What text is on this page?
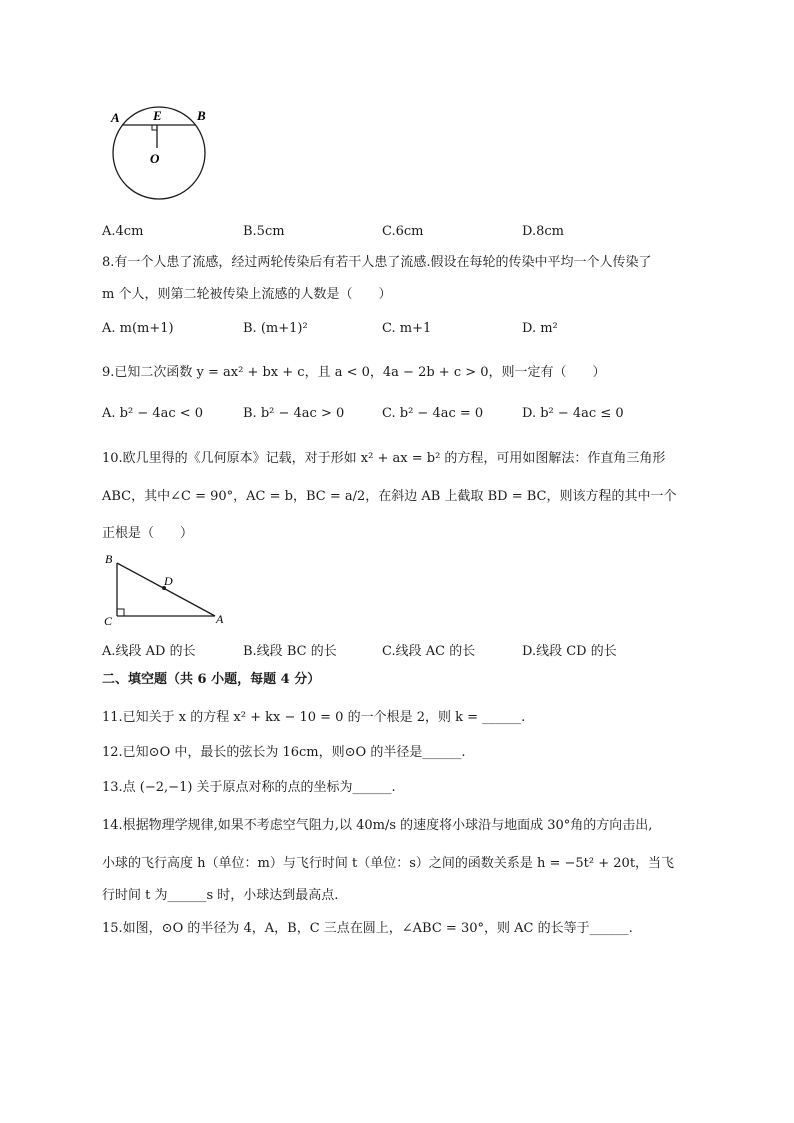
A	E	B
O
A.4cm	B.5cm	C.6cm	D.8cm
8.有一个人患了流感，经过两轮传染后有若干人患了流感.假设在每轮的传染中平均一个人传染了
m 个人，则第二轮被传染上流感的人数是（　　）
A. m(m+1)	B. (m+1)²	C. m+1	D. m²
9.已知二次函数 y = ax² + bx + c，且 a < 0，4a − 2b + c > 0，则一定有（　　）
A. b² − 4ac < 0	B. b² − 4ac > 0	C. b² − 4ac = 0	D. b² − 4ac ≤ 0
10.欧几里得的《几何原本》记载，对于形如 x² + ax = b² 的方程，可用如图解法：作直角三角形
ABC，其中∠C = 90°，AC = b，BC = a/2，在斜边 AB 上截取 BD = BC，则该方程的其中一个
正根是（　　）
B
D
C	A
A.线段 AD 的长	B.线段 BC 的长	C.线段 AC 的长	D.线段 CD 的长
二、填空题（共 6 小题，每题 4 分）
11.已知关于 x 的方程 x² + kx − 10 = 0 的一个根是 2，则 k = ______.
12.已知⊙O 中，最长的弦长为 16cm，则⊙O 的半径是______.
13.点 (−2,−1) 关于原点对称的点的坐标为______.
14.根据物理学规律,如果不考虑空气阻力,以 40m/s 的速度将小球沿与地面成 30°角的方向击出,
小球的飞行高度 h（单位：m）与飞行时间 t（单位：s）之间的函数关系是 h = −5t² + 20t，当飞
行时间 t 为______s 时，小球达到最高点.
15.如图，⊙O 的半径为 4，A，B，C 三点在圆上，∠ABC = 30°，则 AC 的长等于______.
